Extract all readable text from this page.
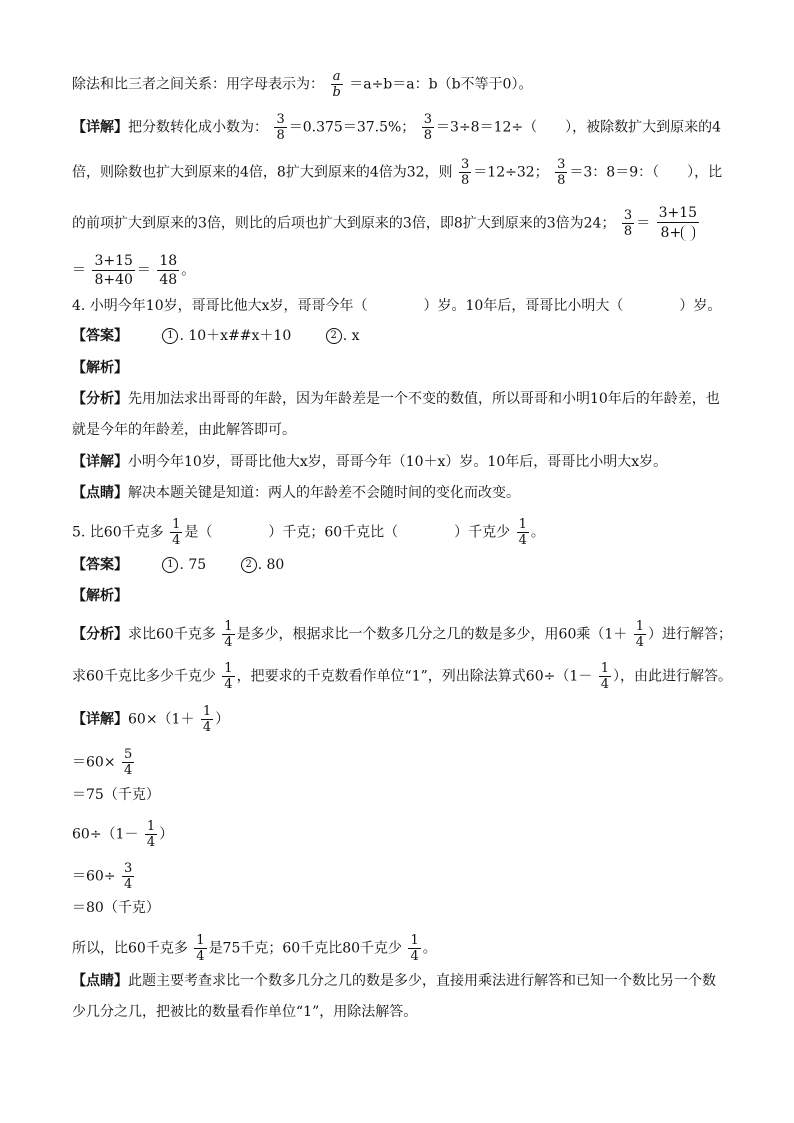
除法和比三者之间关系：用字母表示为： $\frac{a}{b} =a\div b=a$：b（b不等于0）。
【详解】把分数转化成小数为： $\frac{3}{8} =0.375=37.5\%$； $\frac{3}{8} =3\div 8=12\div$（　　），被除数扩大到原来的4
倍，则除数也扩大到原来的4倍，8扩大到原来的4倍为32，则 $\frac{3}{8} =12\div 32$； $\frac{3}{8} =3$：8＝9：（　　），比
的前项扩大到原来的3倍，则比的后项也扩大到原来的3倍，即8扩大到原来的3倍为24； $\frac{3}{8} = \frac{3+15}{8+}$
＝ $\frac{3+15}{8+40} = \frac{18}{48}$ 。
4. 小明今年10岁，哥哥比他大x岁，哥哥今年（　　　　）岁。10年后，哥哥比小明大（　　　　）岁。
【答案】	1 . 10＋x##x＋10	2 . x
【解析】
【分析】先用加法求出哥哥的年龄，因为年龄差是一个不变的数值，所以哥哥和小明10年后的年龄差，也
就是今年的年龄差，由此解答即可。
【详解】小明今年10岁，哥哥比他大x岁，哥哥今年（10＋x）岁。10年后，哥哥比小明大x岁。
【点睛】解决本题关键是知道：两人的年龄差不会随时间的变化而改变。
5. 比60千克多 $\frac{1}{4}$ 是（　　　　）千克；60千克比（　　　　）千克少 $\frac{1}{4}$ 。
【答案】	1 . 75	2 . 80
【解析】
【分析】求比60千克多 $\frac{1}{4}$ 是多少，根据求比一个数多几分之几的数是多少，用60乘（$1+ \frac{1}{4}$ ）进行解答；
求60千克比多少千克少 $\frac{1}{4}$ ，把要求的千克数看作单位“1”，列出除法算式$60\div(1- \frac{1}{4}$ ），由此进行解答。
【详解】$60\times(1+ \frac{1}{4}$ ）
$=60\times \frac{5}{4}$
＝75（千克）
$60\div(1- \frac{1}{4}$ ）
$=60\div \frac{3}{4}$
＝80（千克）
所以，比60千克多 $\frac{1}{4}$ 是75千克；60千克比80千克少 $\frac{1}{4}$ 。
【点睛】此题主要考查求比一个数多几分之几的数是多少，直接用乘法进行解答和已知一个数比另一个数
少几分之几，把被比的数量看作单位“1”，用除法解答。
